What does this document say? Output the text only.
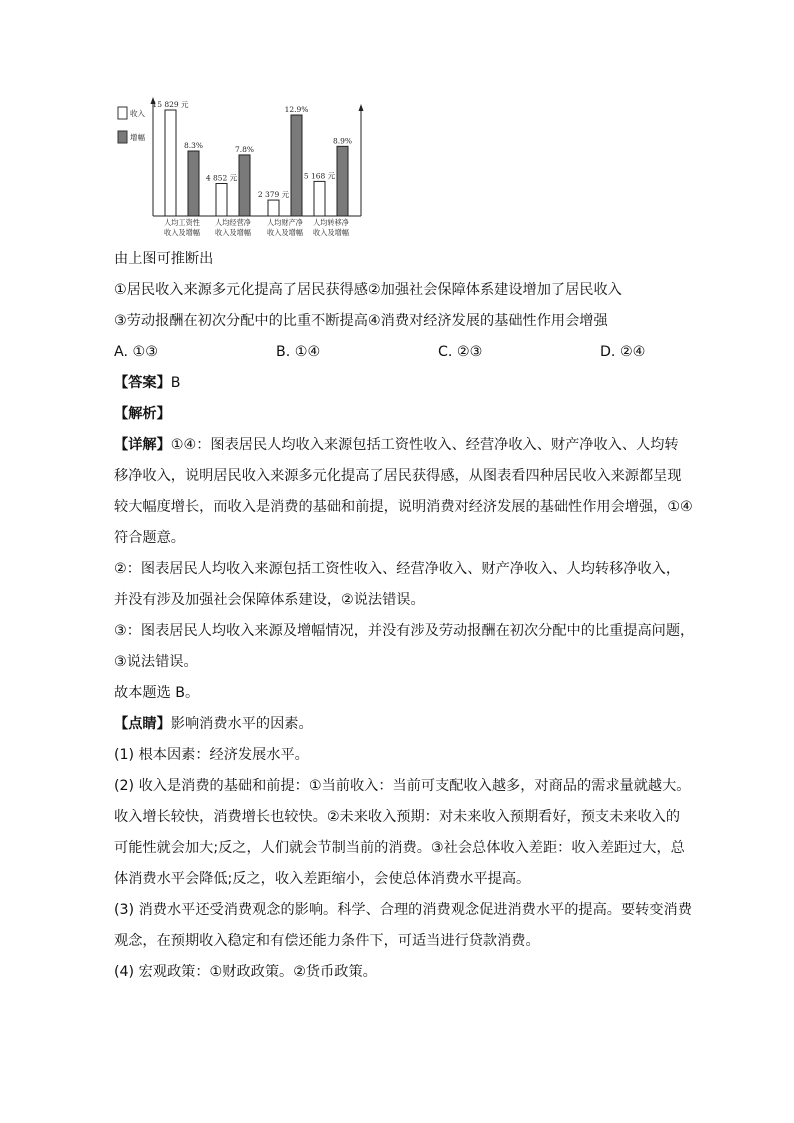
收入
增幅
15 829 元
8.3%
人均工资性
收入及增幅
4 852 元
7.8%
人均经营净
收入及增幅
2 379 元
12.9%
人均财产净
收入及增幅
5 168 元
8.9%
人均转移净
收入及增幅
由上图可推断出
①居民收入来源多元化提高了居民获得感②加强社会保障体系建设增加了居民收入
③劳动报酬在初次分配中的比重不断提高④消费对经济发展的基础性作用会增强
A. ①③	B. ①④	C. ②③	D. ②④
【答案】B
【解析】
【详解】①④：图表居民人均收入来源包括工资性收入、经营净收入、财产净收入、人均转
移净收入，说明居民收入来源多元化提高了居民获得感，从图表看四种居民收入来源都呈现
较大幅度增长，而收入是消费的基础和前提，说明消费对经济发展的基础性作用会增强，①④
符合题意。
②：图表居民人均收入来源包括工资性收入、经营净收入、财产净收入、人均转移净收入，
并没有涉及加强社会保障体系建设，②说法错误。
③：图表居民人均收入来源及增幅情况，并没有涉及劳动报酬在初次分配中的比重提高问题，
③说法错误。
故本题选 B。
【点睛】影响消费水平的因素。
(1) 根本因素：经济发展水平。
(2) 收入是消费的基础和前提：①当前收入：当前可支配收入越多，对商品的需求量就越大。
收入增长较快，消费增长也较快。②未来收入预期：对未来收入预期看好，预支未来收入的
可能性就会加大;反之，人们就会节制当前的消费。③社会总体收入差距：收入差距过大，总
体消费水平会降低;反之，收入差距缩小，会使总体消费水平提高。
(3) 消费水平还受消费观念的影响。科学、合理的消费观念促进消费水平的提高。要转变消费
观念，在预期收入稳定和有偿还能力条件下，可适当进行贷款消费。
(4) 宏观政策：①财政政策。②货币政策。
